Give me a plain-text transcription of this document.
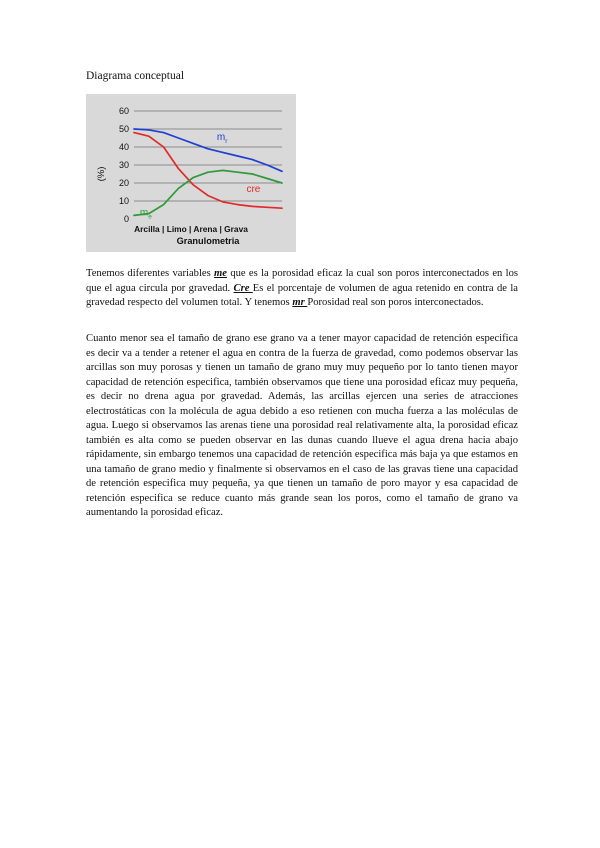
Diagrama conceptual
0
10
20
30
40
50
60
$m_r$
cre
$m_e$
(%)
Arcilla | Limo | Arena | Grava
Granulometria
Tenemos diferentes variables me que es la porosidad eficaz la cual son poros interconectados en los que el agua circula por gravedad. Cre Es el porcentaje de volumen de agua retenido en contra de la gravedad respecto del volumen total. Y tenemos mr Porosidad real son poros interconectados.
Cuanto menor sea el tamaño de grano ese grano va a tener mayor capacidad de retención especifica es decir va a tender a retener el agua en contra de la fuerza de gravedad, como podemos observar las arcillas son muy porosas y tienen un tamaño de grano muy muy pequeño por lo tanto tienen mayor capacidad de retención especifica, también observamos que tiene una porosidad eficaz muy pequeña, es decir no drena agua por gravedad. Además, las arcillas ejercen una series de atracciones electrostáticas con la molécula de agua debido a eso retienen con mucha fuerza a las moléculas de agua. Luego si observamos las arenas tiene una porosidad real relativamente alta, la porosidad eficaz también es alta como se pueden observar en las dunas cuando llueve el agua drena hacia abajo rápidamente, sin embargo tenemos una capacidad de retención especifica más baja ya que estamos en una tamaño de grano medio y finalmente si observamos en el caso de las gravas tiene una capacidad de retención especifica muy pequeña, ya que tienen un tamaño de poro mayor y esa capacidad de retención especifica se reduce cuanto más grande sean los poros, como el tamaño de grano va aumentando la porosidad eficaz.
